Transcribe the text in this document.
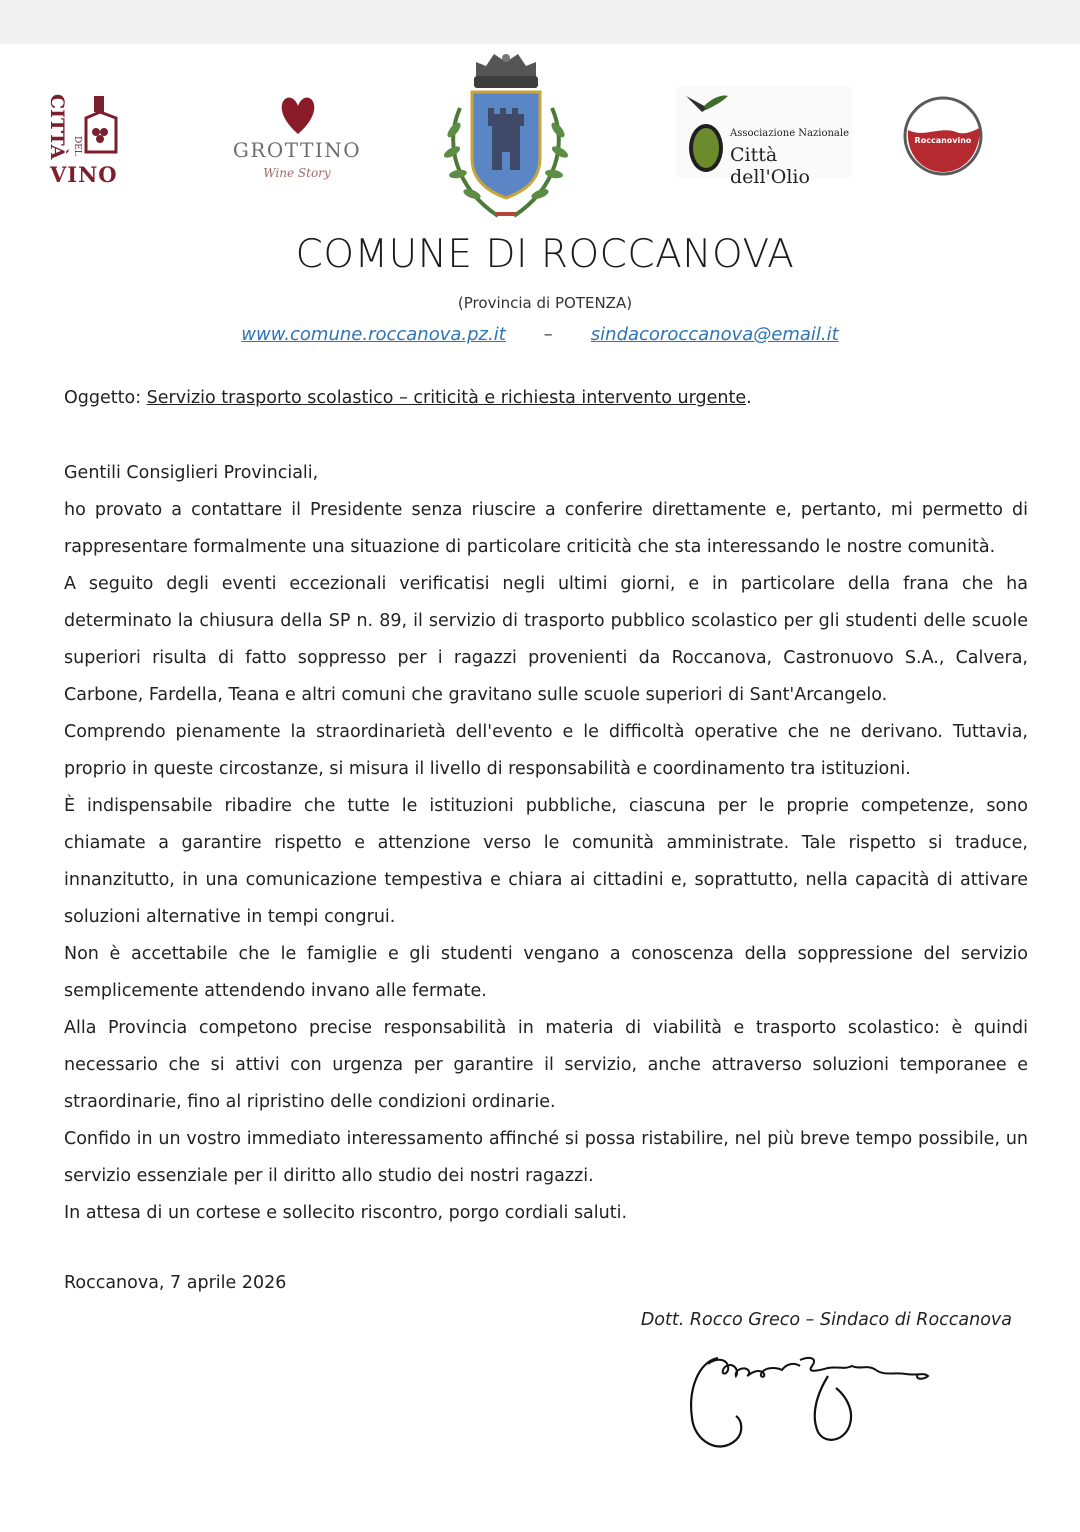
CITTÀ DEL
VINO
GROTTINO
Wine Story
Associazione Nazionale
Città dell'Olio
Roccanovino
COMUNE DI ROCCANOVA
(Provincia di POTENZA)
www.comune.roccanova.pz.it – sindacoroccanova@email.it
Oggetto: Servizio trasporto scolastico – criticità e richiesta intervento urgente.

Gentili Consiglieri Provinciali,

ho provato a contattare il Presidente senza riuscire a conferire direttamente e, pertanto, mi permetto di rappresentare formalmente una situazione di particolare criticità che sta interessando le nostre comunità.

A seguito degli eventi eccezionali verificatisi negli ultimi giorni, e in particolare della frana che ha determinato la chiusura della SP n. 89, il servizio di trasporto pubblico scolastico per gli studenti delle scuole superiori risulta di fatto soppresso per i ragazzi provenienti da Roccanova, Castronuovo S.A., Calvera, Carbone, Fardella, Teana e altri comuni che gravitano sulle scuole superiori di Sant'Arcangelo.

Comprendo pienamente la straordinarietà dell'evento e le difficoltà operative che ne derivano. Tuttavia, proprio in queste circostanze, si misura il livello di responsabilità e coordinamento tra istituzioni.

È indispensabile ribadire che tutte le istituzioni pubbliche, ciascuna per le proprie competenze, sono chiamate a garantire rispetto e attenzione verso le comunità amministrate. Tale rispetto si traduce, innanzitutto, in una comunicazione tempestiva e chiara ai cittadini e, soprattutto, nella capacità di attivare soluzioni alternative in tempi congrui.

Non è accettabile che le famiglie e gli studenti vengano a conoscenza della soppressione del servizio semplicemente attendendo invano alle fermate.

Alla Provincia competono precise responsabilità in materia di viabilità e trasporto scolastico: è quindi necessario che si attivi con urgenza per garantire il servizio, anche attraverso soluzioni temporanee e straordinarie, fino al ripristino delle condizioni ordinarie.

Confido in un vostro immediato interessamento affinché si possa ristabilire, nel più breve tempo possibile, un servizio essenziale per il diritto allo studio dei nostri ragazzi.

In attesa di un cortese e sollecito riscontro, porgo cordiali saluti.

Roccanova, 7 aprile 2026
Dott. Rocco Greco – Sindaco di Roccanova
